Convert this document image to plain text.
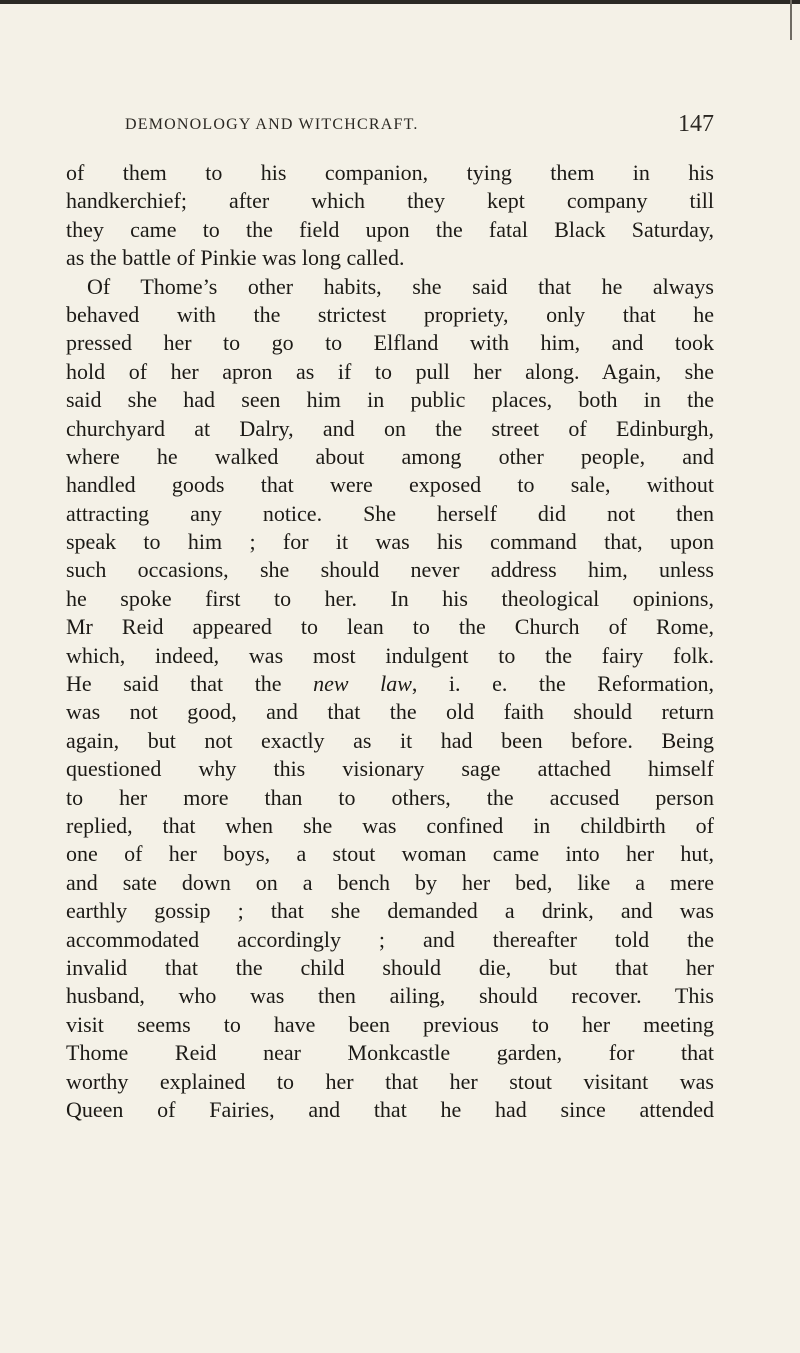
DEMONOLOGY AND WITCHCRAFT.	147
of them to his companion, tying them in his
handkerchief; after which they kept company till
they came to the field upon the fatal Black Saturday,
as the battle of Pinkie was long called.
Of Thome’s other habits, she said that he always
behaved with the strictest propriety, only that he
pressed her to go to Elfland with him, and took
hold of her apron as if to pull her along. Again, she
said she had seen him in public places, both in the
churchyard at Dalry, and on the street of Edinburgh,
where he walked about among other people, and
handled goods that were exposed to sale, without
attracting any notice. She herself did not then
speak to him ; for it was his command that, upon
such occasions, she should never address him, unless
he spoke first to her. In his theological opinions,
Mr Reid appeared to lean to the Church of Rome,
which, indeed, was most indulgent to the fairy folk.
He said that the new law, i. e. the Reformation,
was not good, and that the old faith should return
again, but not exactly as it had been before. Being
questioned why this visionary sage attached himself
to her more than to others, the accused person
replied, that when she was confined in childbirth of
one of her boys, a stout woman came into her hut,
and sate down on a bench by her bed, like a mere
earthly gossip ; that she demanded a drink, and was
accommodated accordingly ; and thereafter told the
invalid that the child should die, but that her
husband, who was then ailing, should recover. This
visit seems to have been previous to her meeting
Thome Reid near Monkcastle garden, for that
worthy explained to her that her stout visitant was
Queen of Fairies, and that he had since attended
